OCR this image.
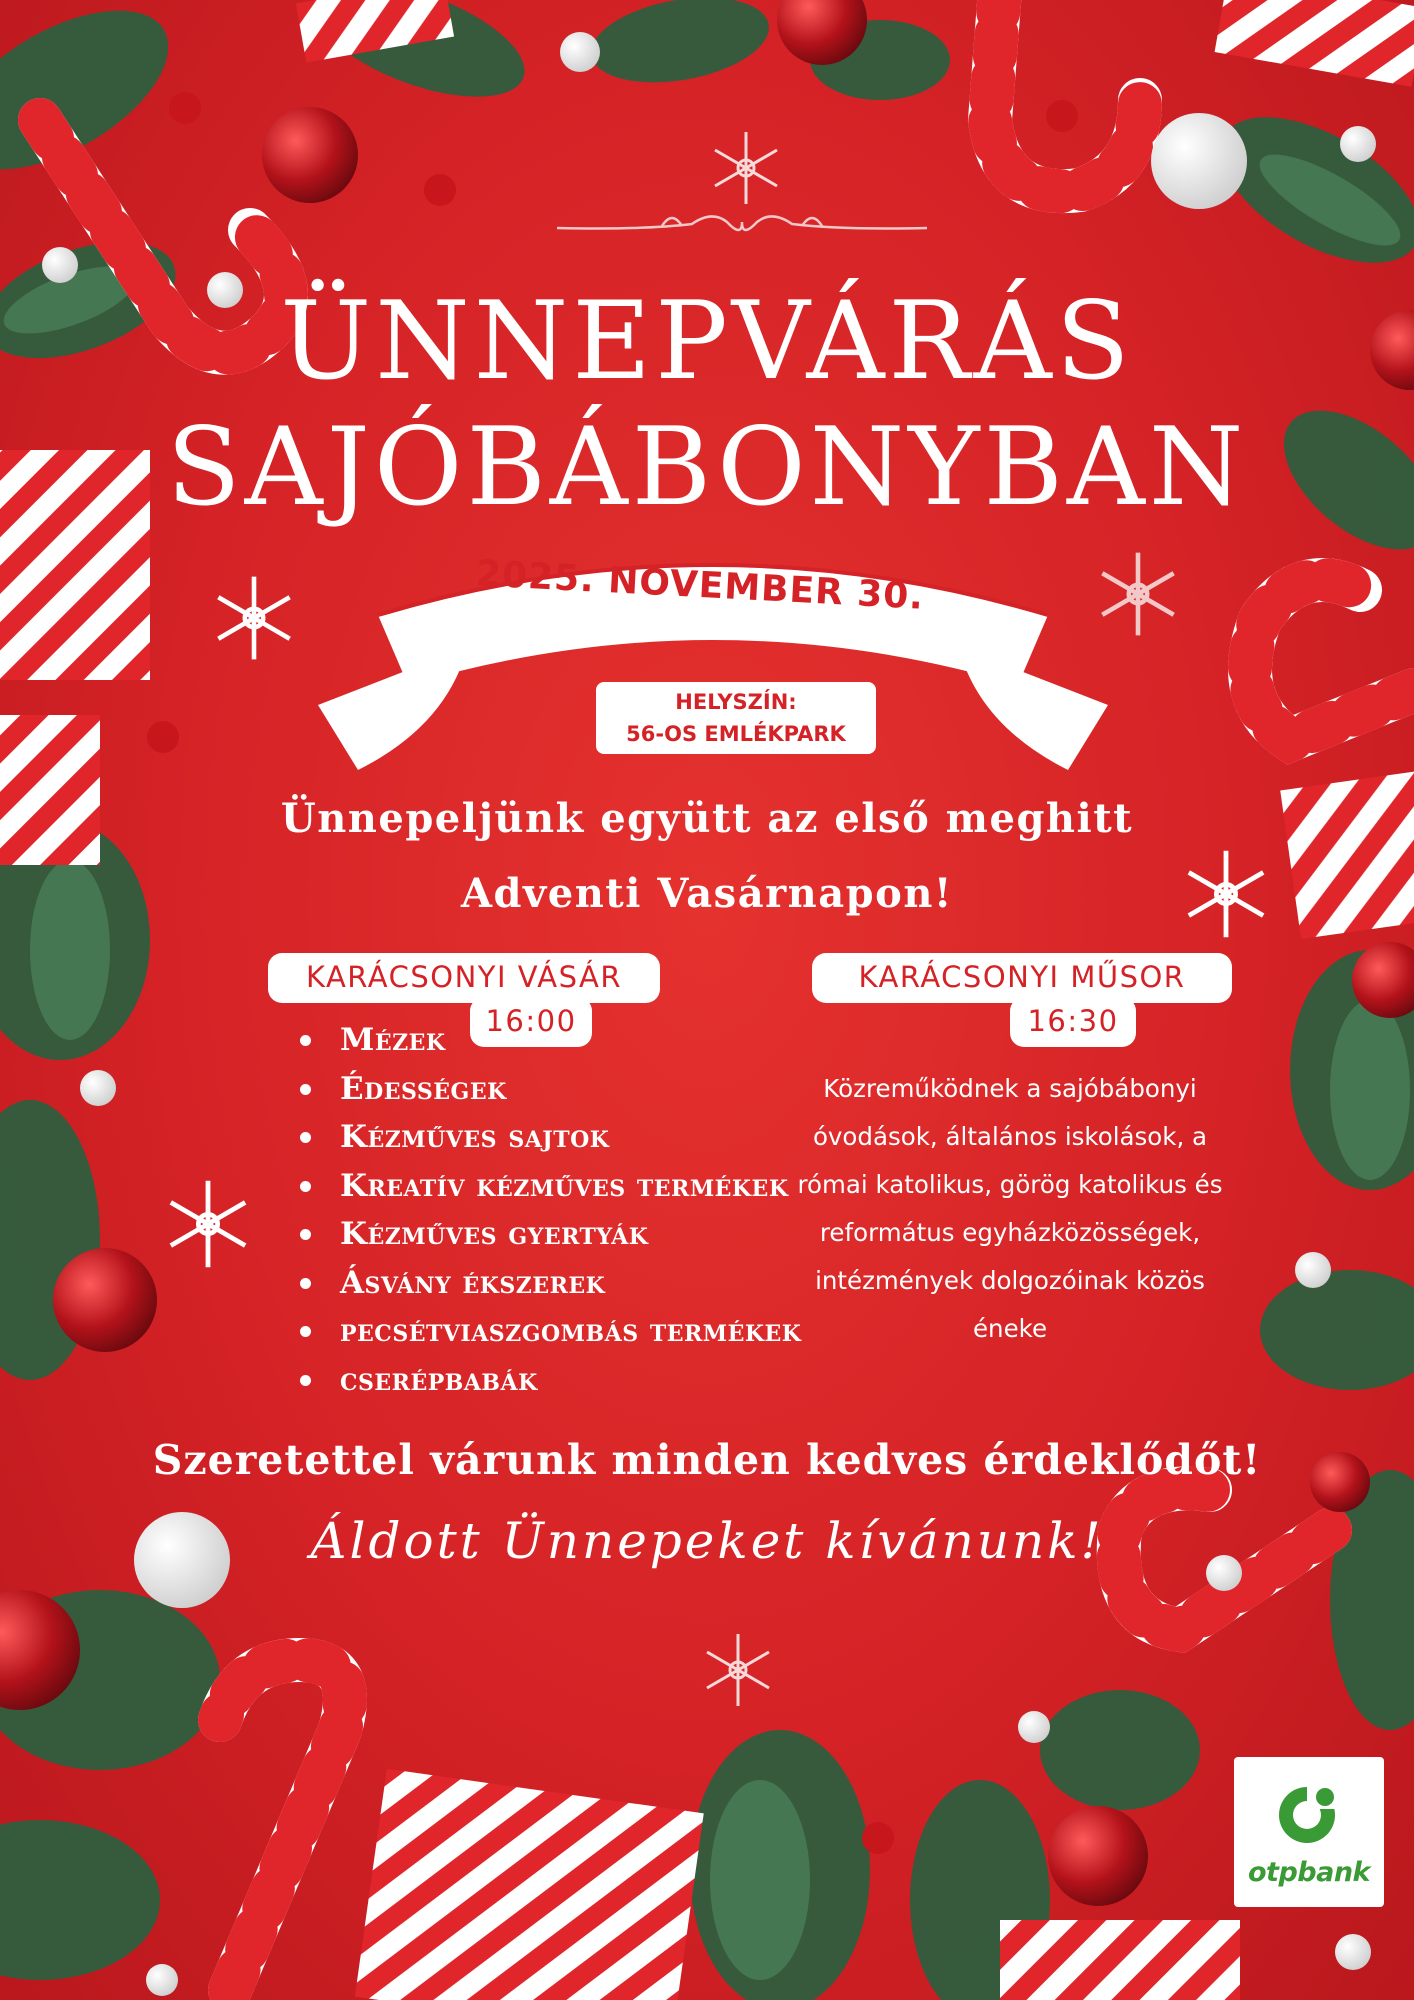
ÜNNEPVÁRÁS
SAJÓBÁBONYBAN
2025. NOVEMBER 30.
HELYSZÍN:
56-OS EMLÉKPARK
Ünnepeljünk együtt az első meghitt
Adventi Vasárnapon!
KARÁCSONYI VÁSÁR
16:00
Mézek
Édességek
Kézműves sajtok
Kreatív kézműves termékek
Kézműves gyertyák
Ásvány ékszerek
pecsétviaszgombás termékek
cserépbabák
KARÁCSONYI MŰSOR
16:30
Közreműködnek a sajóbábonyi
óvodások, általános iskolások, a
római katolikus, görög katolikus és
református egyházközösségek,
intézmények dolgozóinak közös
éneke
Szeretettel várunk minden kedves érdeklődőt!
Áldott Ünnepeket kívánunk!
otpbank
